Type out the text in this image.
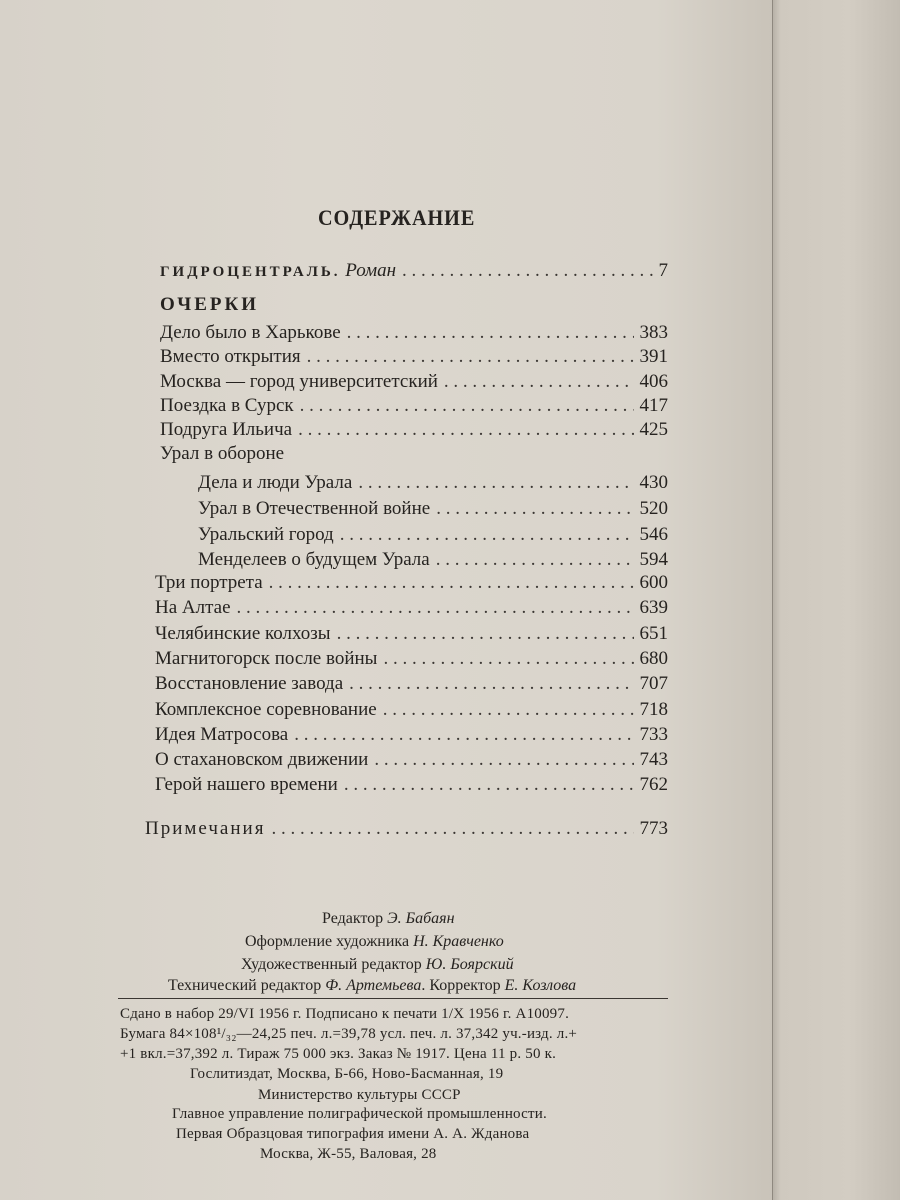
СОДЕРЖАНИЕ
ГИДРОЦЕНТРАЛЬ. Роман . . .	7
ОЧЕРКИ
Дело было в Харькове . . .	383
Вместо открытия . . .	391
Москва — город университетский . . .	406
Поездка в Сурск . . .	417
Подруга Ильича . . .	425
Урал в обороне
Дела и люди Урала . . .	430
Урал в Отечественной войне . . .	520
Уральский город . . .	546
Менделеев о будущем Урала . . .	594
Три портрета . . .	600
На Алтае . . .	639
Челябинские колхозы . . .	651
Магнитогорск после войны . . .	680
Восстановление завода . . .	707
Комплексное соревнование . . .	718
Идея Матросова . . .	733
О стахановском движении . . .	743
Герой нашего времени . . .	762
Примечания . . .	773
Редактор Э. Бабаян
Оформление художника Н. Кравченко
Художественный редактор Ю. Боярский
Технический редактор Ф. Артемьева. Корректор Е. Козлова
Сдано в набор 29/VI 1956 г. Подписано к печати 1/X 1956 г. А10097.
Бумага 84×108¹/₃₂—24,25 печ. л.=39,78 усл. печ. л. 37,342 уч.-изд. л.+
+1 вкл.=37,392 л. Тираж 75 000 экз. Заказ № 1917. Цена 11 р. 50 к.
Гослитиздат, Москва, Б-66, Ново-Басманная, 19
Министерство культуры СССР
Главное управление полиграфической промышленности.
Первая Образцовая типография имени А. А. Жданова
Москва, Ж-55, Валовая, 28
